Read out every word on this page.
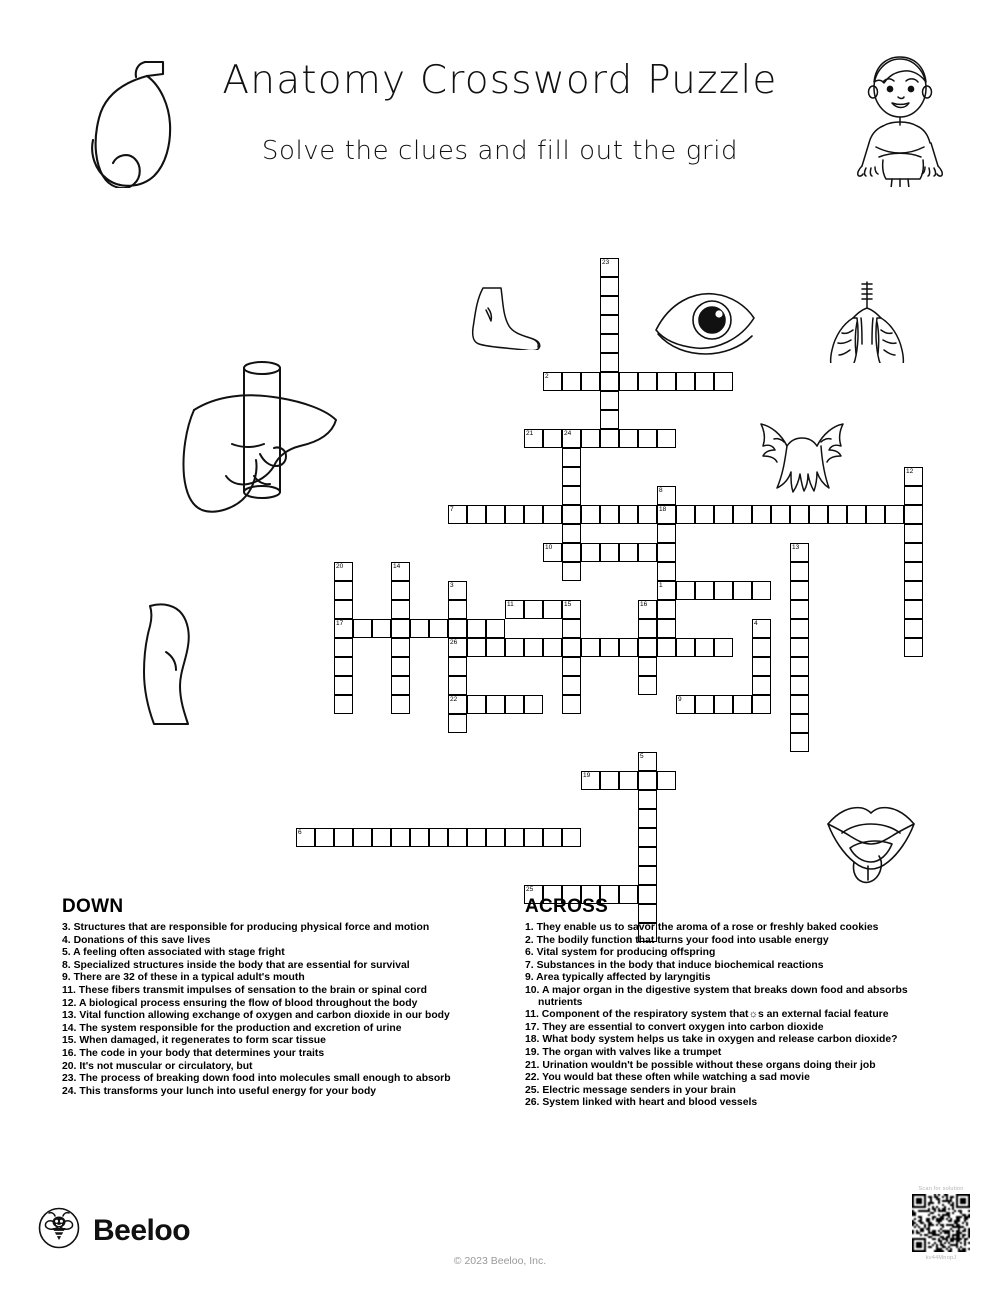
Anatomy Crossword Puzzle
Solve the clues and fill out the grid
23
2
21	24
12
8
18
1
7
10	13
20
17
14
3
26
22
11	15	16
4
9
5
19
6
25
DOWN
3. Structures that are responsible for producing physical force and motion
4. Donations of this save lives
5. A feeling often associated with stage fright
8. Specialized structures inside the body that are essential for survival
9. There are 32 of these in a typical adult's mouth
11. These fibers transmit impulses of sensation to the brain or spinal cord
12. A biological process ensuring the flow of blood throughout the body
13. Vital function allowing exchange of oxygen and carbon dioxide in our body
14. The system responsible for the production and excretion of urine
15. When damaged, it regenerates to form scar tissue
16. The code in your body that determines your traits
20. It's not muscular or circulatory, but
23. The process of breaking down food into molecules small enough to absorb
24. This transforms your lunch into useful energy for your body
ACROSS
1. They enable us to savor the aroma of a rose or freshly baked cookies
2. The bodily function that turns your food into usable energy
6. Vital system for producing offspring
7. Substances in the body that induce biochemical reactions
9. Area typically affected by laryngitis
10. A major organ in the digestive system that breaks down food and absorbs nutrients
11. Component of the respiratory system that☼s an external facial feature
17. They are essential to convert oxygen into carbon dioxide
18. What body system helps us take in oxygen and release carbon dioxide?
19. The organ with valves like a trumpet
21. Urination wouldn't be possible without these organs doing their job
22. You would bat these often while watching a sad movie
25. Electric message senders in your brain
26. System linked with heart and blood vessels
Beeloo
© 2023 Beeloo, Inc.
Scan for solution
kv44MnopJ
